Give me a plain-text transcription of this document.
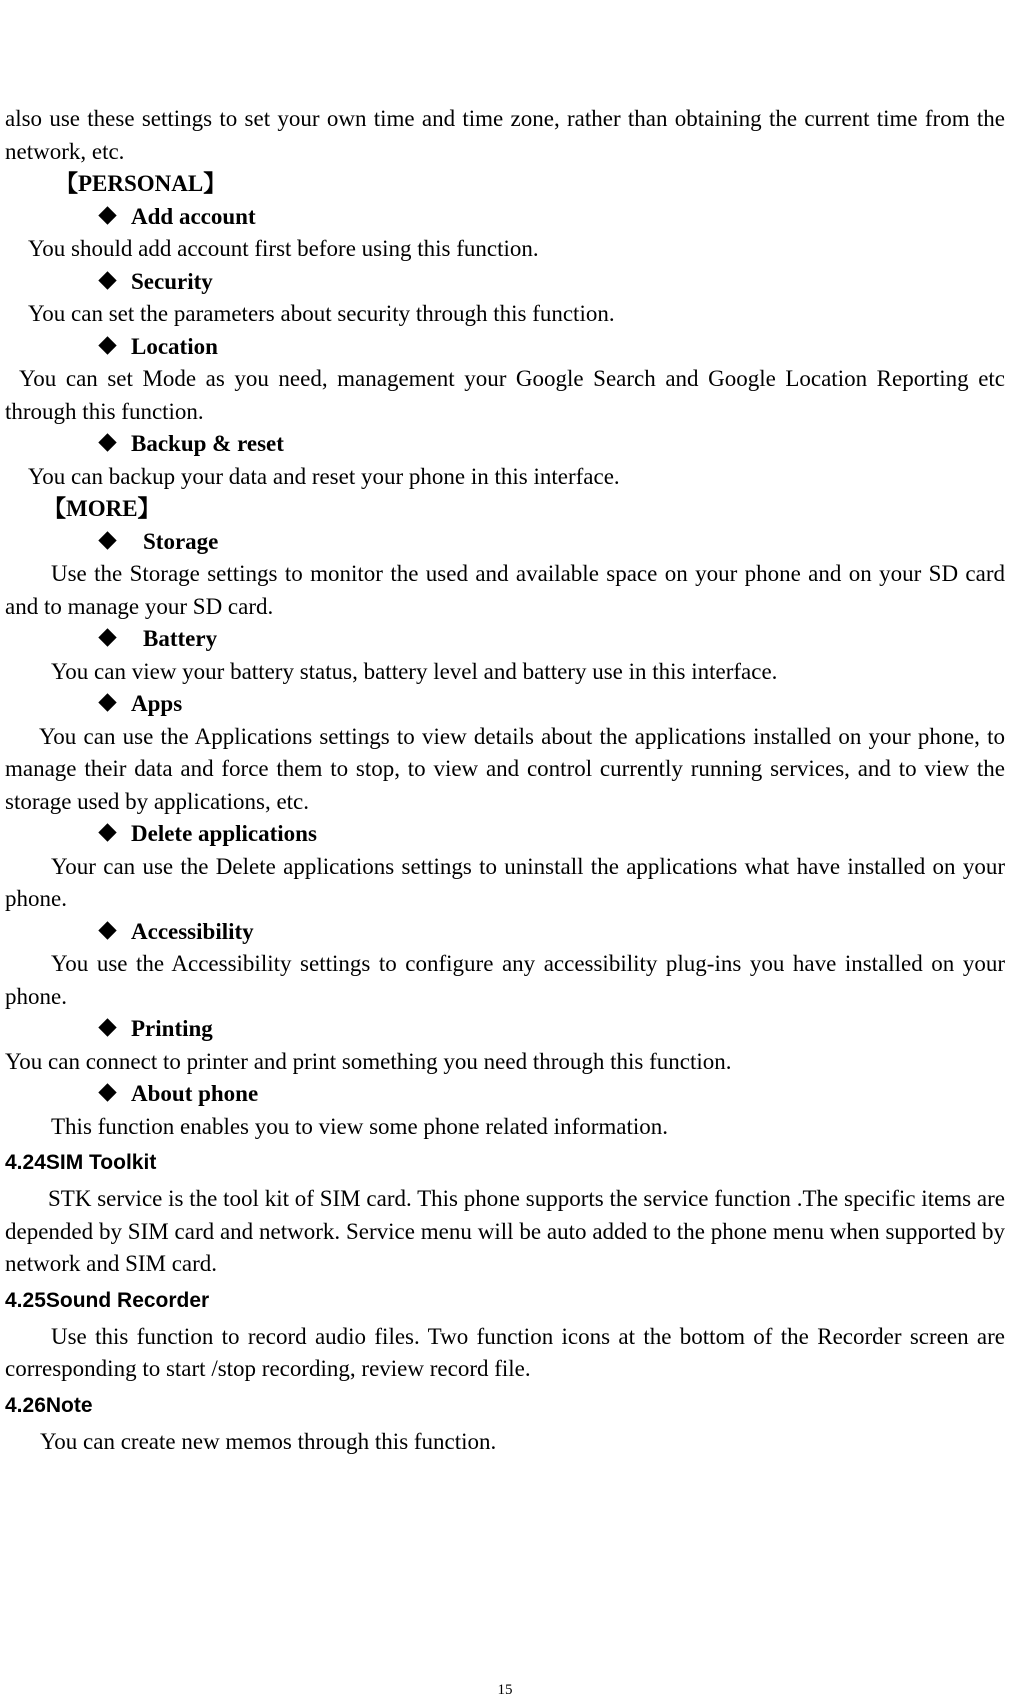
also use these settings to set your own time and time zone, rather than obtaining the current time from the network, etc.

【PERSONAL】

Add account

You should add account first before using this function.

Security

You can set the parameters about security through this function.

Location

You can set Mode as you need, management your Google Search and Google Location Reporting etc through this function.

Backup & reset

You can backup your data and reset your phone in this interface.

【MORE】

Storage

Use the Storage settings to monitor the used and available space on your phone and on your SD card and to manage your SD card.

Battery

You can view your battery status, battery level and battery use in this interface.

Apps

You can use the Applications settings to view details about the applications installed on your phone, to manage their data and force them to stop, to view and control currently running services, and to view the storage used by applications, etc.

Delete applications

Your can use the Delete applications settings to uninstall the applications what have installed on your phone.

Accessibility

You use the Accessibility settings to configure any accessibility plug-ins you have installed on your phone.

Printing

You can connect to printer and print something you need through this function.

About phone

This function enables you to view some phone related information.

4.24SIM Toolkit

STK service is the tool kit of SIM card. This phone supports the service function .The specific items are depended by SIM card and network. Service menu will be auto added to the phone menu when supported by network and SIM card.

4.25Sound Recorder

Use this function to record audio files. Two function icons at the bottom of the Recorder screen are corresponding to start /stop recording, review record file.

4.26Note

You can create new memos through this function.

15
